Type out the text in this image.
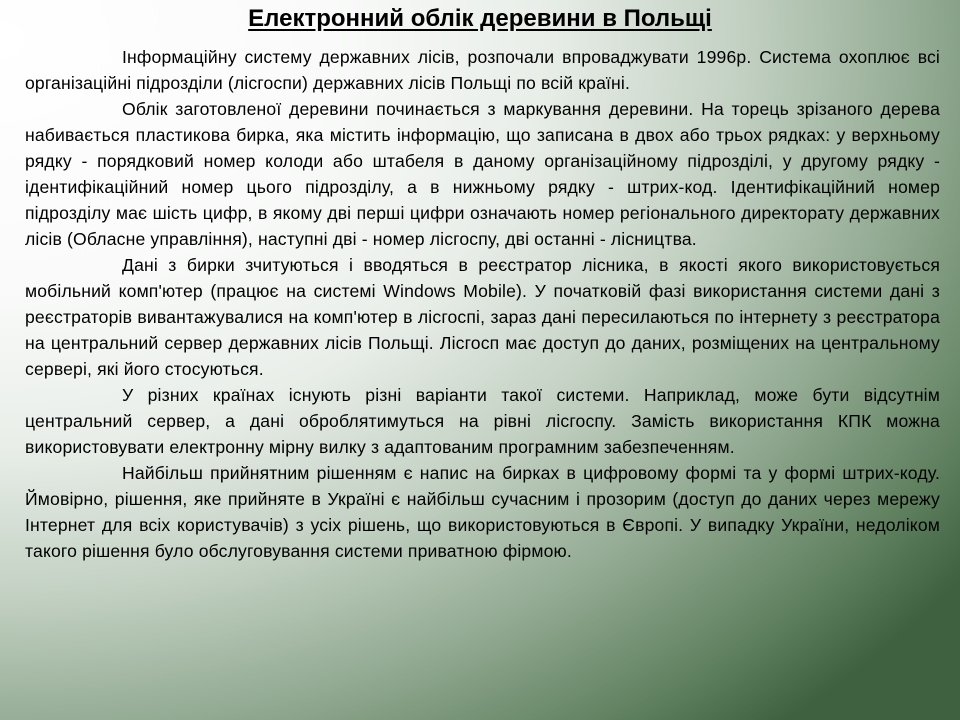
Електронний облік деревини в Польщі

Інформаційну систему державних лісів, розпочали впроваджувати 1996р. Система охоплює всі організаційні підрозділи (лісгоспи) державних лісів Польщі по всій країні.

Облік заготовленої деревини починається з маркування деревини. На торець зрізаного дерева набивається пластикова бирка, яка містить інформацію, що записана в двох або трьох рядках: у верхньому рядку - порядковий номер колоди або штабеля в даному організаційному підрозділі, у другому рядку - ідентифікаційний номер цього підрозділу, а в нижньому рядку - штрих-код. Ідентифікаційний номер підрозділу має шість цифр, в якому дві перші цифри означають номер регіонального директорату державних лісів (Обласне управління), наступні дві - номер лісгоспу, дві останні - лісництва.

Дані з бирки зчитуються і вводяться в реєстратор лісника, в якості якого використовується мобільний комп'ютер (працює на системі Windows Mobile). У початковій фазі використання системи дані з реєстраторів вивантажувалися на комп'ютер в лісгоспі, зараз дані пересилаються по інтернету з реєстратора на центральний сервер державних лісів Польщі. Лісгосп має доступ до даних, розміщених на центральному сервері, які його стосуються.

У різних країнах існують різні варіанти такої системи. Наприклад, може бути відсутнім центральний сервер, а дані оброблятимуться на рівні лісгоспу. Замість використання КПК можна використовувати електронну мірну вилку з адаптованим програмним забезпеченням.

Найбільш прийнятним рішенням є напис на бирках в цифровому формі та у формі штрих-коду. Ймовірно, рішення, яке прийняте в Україні є найбільш сучасним і прозорим (доступ до даних через мережу Інтернет для всіх користувачів) з усіх рішень, що використовуються в Європі. У випадку України, недоліком такого рішення було обслуговування системи приватною фірмою.
